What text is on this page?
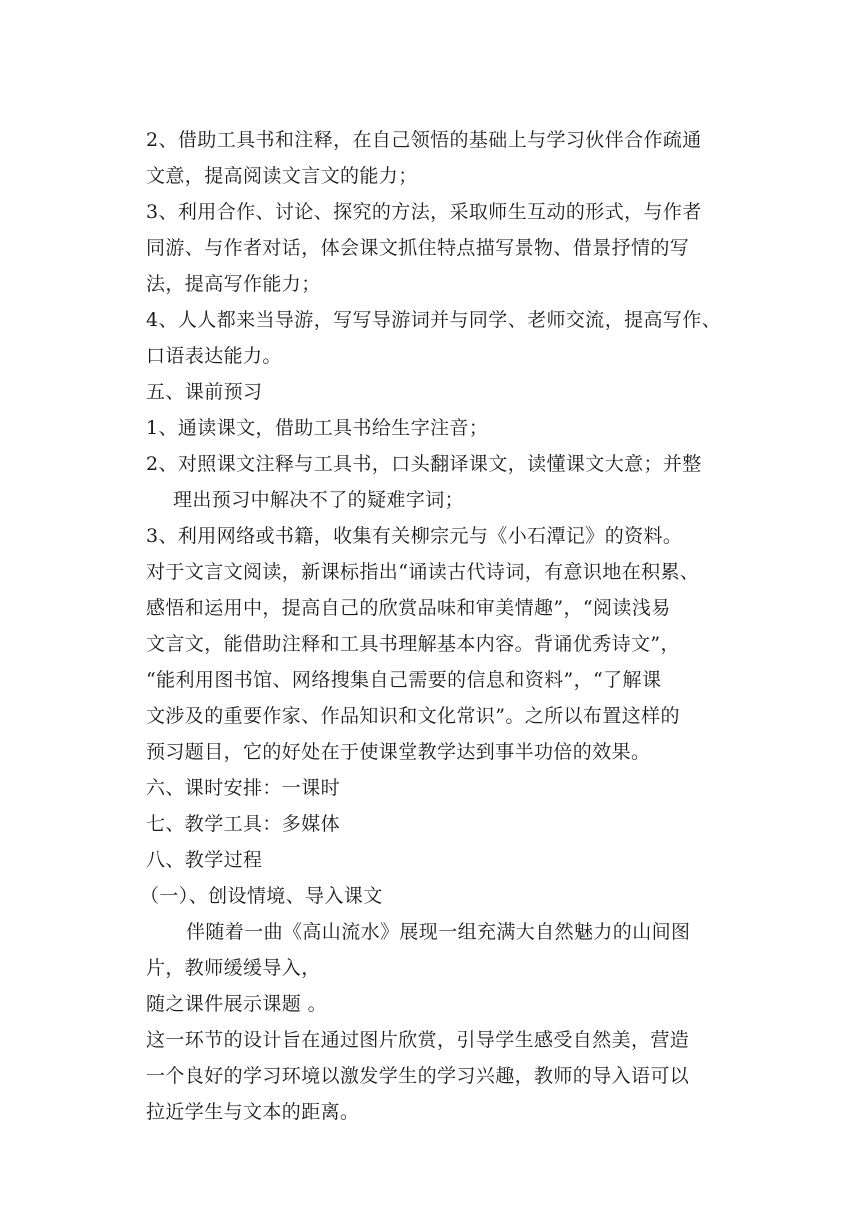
2、借助工具书和注释，在自己领悟的基础上与学习伙伴合作疏通
文意，提高阅读文言文的能力；
3、利用合作、讨论、探究的方法，采取师生互动的形式，与作者
同游、与作者对话，体会课文抓住特点描写景物、借景抒情的写
法，提高写作能力；
4、人人都来当导游，写写导游词并与同学、老师交流，提高写作、
口语表达能力。
五、课前预习
1、通读课文，借助工具书给生字注音；
2、对照课文注释与工具书，口头翻译课文，读懂课文大意；并整
理出预习中解决不了的疑难字词；
3、利用网络或书籍，收集有关柳宗元与《小石潭记》的资料。
对于文言文阅读，新课标指出“诵读古代诗词，有意识地在积累、
感悟和运用中，提高自己的欣赏品味和审美情趣”，“阅读浅易
文言文，能借助注释和工具书理解基本内容。背诵优秀诗文”，
“能利用图书馆、网络搜集自己需要的信息和资料”，“了解课
文涉及的重要作家、作品知识和文化常识”。之所以布置这样的
预习题目，它的好处在于使课堂教学达到事半功倍的效果。
六、课时安排：一课时
七、教学工具：多媒体
八、教学过程
（一）、创设情境、导入课文
伴随着一曲《高山流水》展现一组充满大自然魅力的山间图
片，教师缓缓导入，
随之课件展示课题 。
这一环节的设计旨在通过图片欣赏，引导学生感受自然美，营造
一个良好的学习环境以激发学生的学习兴趣，教师的导入语可以
拉近学生与文本的距离。
